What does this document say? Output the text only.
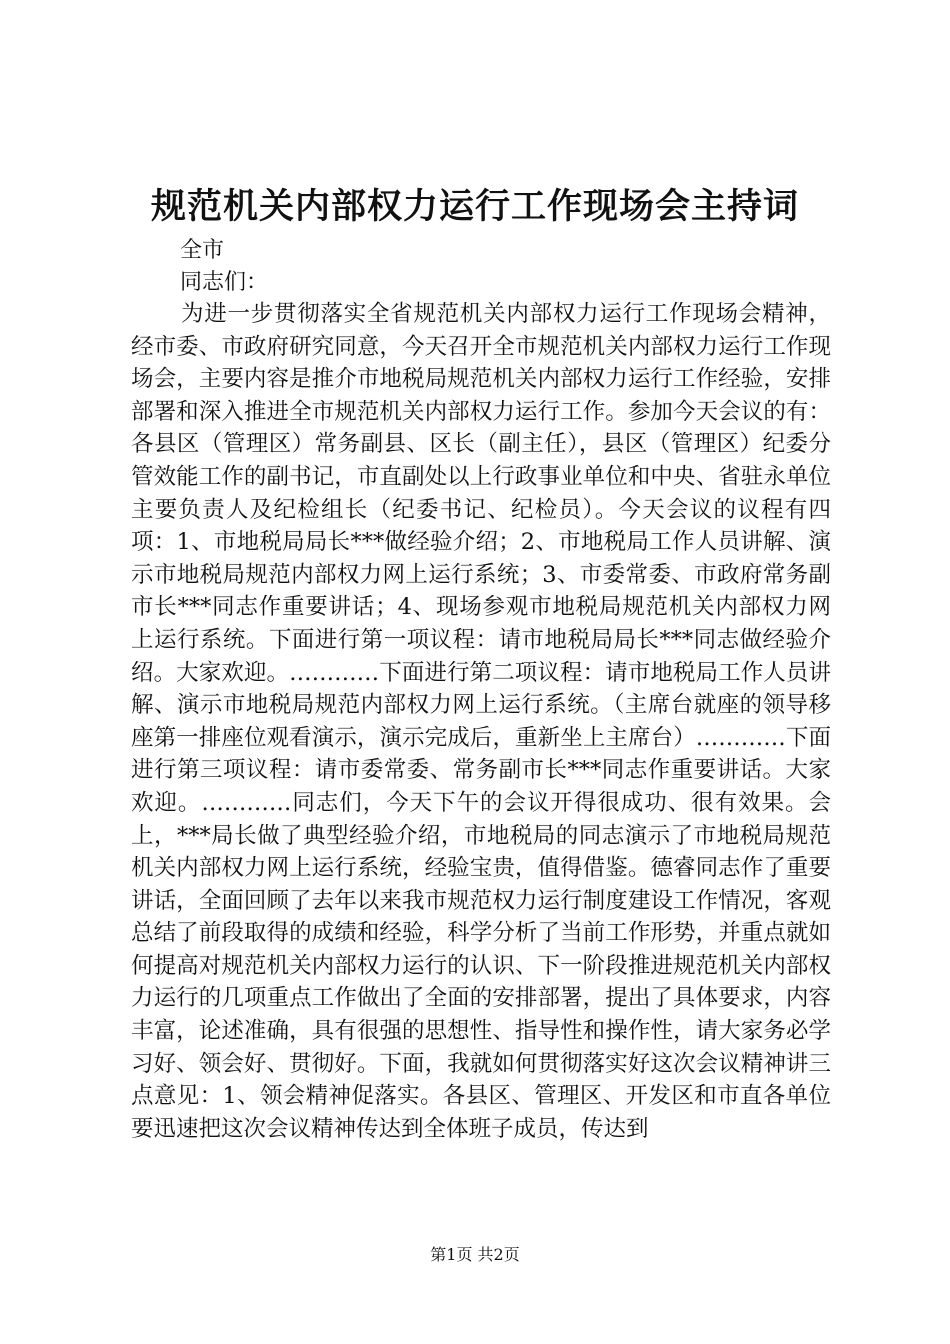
规范机关内部权力运行工作现场会主持词
全市
同志们：

为进一步贯彻落实全省规范机关内部权力运行工作现场会精神，经市委、市政府研究同意，今天召开全市规范机关内部权力运行工作现场会，主要内容是推介市地税局规范机关内部权力运行工作经验，安排部署和深入推进全市规范机关内部权力运行工作。参加今天会议的有：各县区（管理区）常务副县、区长（副主任），县区（管理区）纪委分管效能工作的副书记，市直副处以上行政事业单位和中央、省驻永单位主要负责人及纪检组长（纪委书记、纪检员）。今天会议的议程有四项：1、市地税局局长***做经验介绍；2、市地税局工作人员讲解、演示市地税局规范内部权力网上运行系统；3、市委常委、市政府常务副市长***同志作重要讲话；4、现场参观市地税局规范机关内部权力网上运行系统。下面进行第一项议程：请市地税局局长***同志做经验介绍。大家欢迎。…………下面进行第二项议程：请市地税局工作人员讲解、演示市地税局规范内部权力网上运行系统。（主席台就座的领导移座第一排座位观看演示，演示完成后，重新坐上主席台）…………下面进行第三项议程：请市委常委、常务副市长***同志作重要讲话。大家欢迎。…………同志们，今天下午的会议开得很成功、很有效果。会上，***局长做了典型经验介绍，市地税局的同志演示了市地税局规范机关内部权力网上运行系统，经验宝贵，值得借鉴。德睿同志作了重要讲话，全面回顾了去年以来我市规范权力运行制度建设工作情况，客观总结了前段取得的成绩和经验，科学分析了当前工作形势，并重点就如何提高对规范机关内部权力运行的认识、下一阶段推进规范机关内部权力运行的几项重点工作做出了全面的安排部署，提出了具体要求，内容丰富，论述准确，具有很强的思想性、指导性和操作性，请大家务必学习好、领会好、贯彻好。下面，我就如何贯彻落实好这次会议精神讲三点意见：1、领会精神促落实。各县区、管理区、开发区和市直各单位要迅速把这次会议精神传达到全体班子成员，传达到

第1页 共2页
